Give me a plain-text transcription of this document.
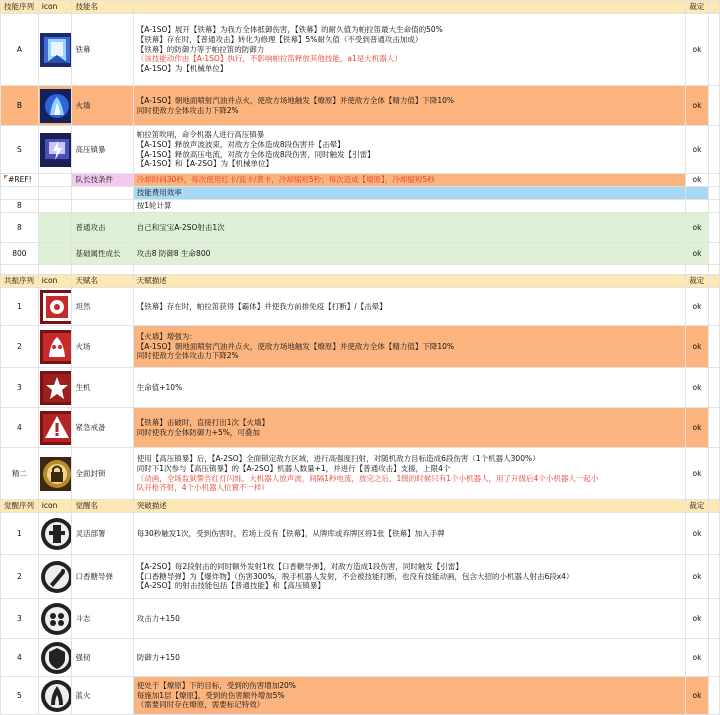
技能序列	icon	技能名		裁定	
A		铁幕	【A-1SO】展开【铁幕】为我方全体抵御伤害，【铁幕】的耐久值为帕拉笛最大生命值的50%
【铁幕】存在时，【普通攻击】转化为修理【铁幕】5%耐久值（不受到普通攻击加成）
【铁幕】的防御力等于帕拉笛的防御力
（该技能动作由【A-1SO】执行，不影响帕拉笛释放其他技能，a1是大机器人）
【A-1SO】为【机械单位】	ok	
B		火墙	【A-1SO】朝地面喷射汽油并点火，使敌方场地触发【燎原】并使敌方全体【精力值】下降10%
同时使敌方全体攻击力下降2%	ok	
S		高压镇暴	帕拉笛吹哨，命令机器人进行高压镇暴
【A-1SO】释放声波波束，对敌方全体造成8段伤害并【击晕】
【A-1SO】释放高压电流，对敌方全体造成8段伤害，同时触发【引雷】
【A-1SO】和【A-2SO】为【机械单位】	ok	
#REF!		队长技条件	冷却时间30秒，每次使用红卡/蓝卡/黄卡，冷却缩短5秒；每次造成【燎原】，冷却缩短5秒	ok	
			技能费用效率		
8			按1轮计算		
8		普通攻击	自己和宝宝A-2SO射击1次	ok	
800		基础属性成长	攻击8 防御8 生命800	ok	

共振序列	icon	天赋名	天赋描述	裁定	
1		坦然	【铁幕】存在时，帕拉笛获得【霸体】并使我方前排免疫【打断】/【击晕】	ok	
2		火场	【火墙】增强为：
【A-1SO】朝地面喷射汽油并点火，使敌方场地触发【燎原】并使敌方全体【精力值】下降10%
同时使敌方全体攻击力下降2%	ok	
3		生机	生命值+10%	ok	
4		紧急戒备	【铁幕】击破时，直接打出1次【火墙】
同时使我方全体防御力+5%，可叠加	ok	
精二		全面封锁	使用【高压镇暴】后，【A-2SO】全面锁定敌方区域，进行高强度扫射，对随机敌方目标造成6段伤害（1个机器人300%）
同时下1次参与【高压镇暴】的【A-2SO】机器人数量+1，并进行【普通攻击】支援，上限4个
（动画，全场监狱警告红灯闪烁，大机器人放声波，间隔1秒电流，放完之后，1级的时候只有1个小机器人，用了升级后4个小机器人一起小
队开枪齐射，4个小机器人位置不一样）	ok	
觉醒序列	icon	觉醒名	突破描述	裁定	
1		灵活部署	每30秒触发1次，受到伤害时，若场上没有【铁幕】，从牌库或弃牌区将1张【铁幕】加入手牌	ok	
2		口香糖导弹	【A-2SO】每2段射击的同时额外发射1枚【口香糖导弹】，对敌方造成1段伤害，同时触发【引雷】
【口香糖导弹】为【爆炸物】（伤害300%，脱手机器人发射，不会被技能打断，也没有技能动画，包含大招的小机器人射击6段x4）
【A-2SO】的射击技能包括【普通技能】和【高压镇暴】	ok	
3		斗志	攻击力+150	ok	
4		强韧	防御力+150	ok	
5		蓝火	使处于【燎原】下的目标，受到的伤害增加20%
每施加1层【燎原】，受到的伤害额外增加5%
（需要同时存在燎原，需要标记特效）	ok	
